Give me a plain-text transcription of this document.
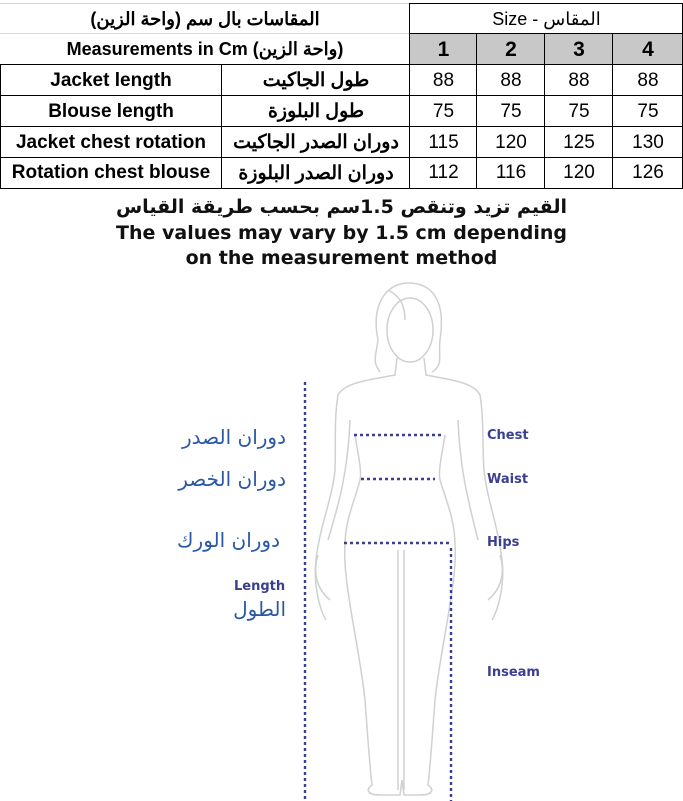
المقاسات بال سم (واحة الزين)
Measurements in Cm (واحة الزين)
Size - المقاس
1	2	3	4
Jacket length	طول الجاكيت	88	88	88	88
Blouse length	طول البلوزة	75	75	75	75
Jacket chest rotation	دوران الصدر الجاكيت	115	120	125	130
Rotation chest blouse	دوران الصدر البلوزة	112	116	120	126
القيم تزيد وتنقص 1.5سم بحسب طريقة القياس
The values may vary by 1.5 cm depending
on the measurement method
Chest
Waist
Hips
Inseam
Length
دوران الصدر
دوران الخصر
دوران الورك
الطول
